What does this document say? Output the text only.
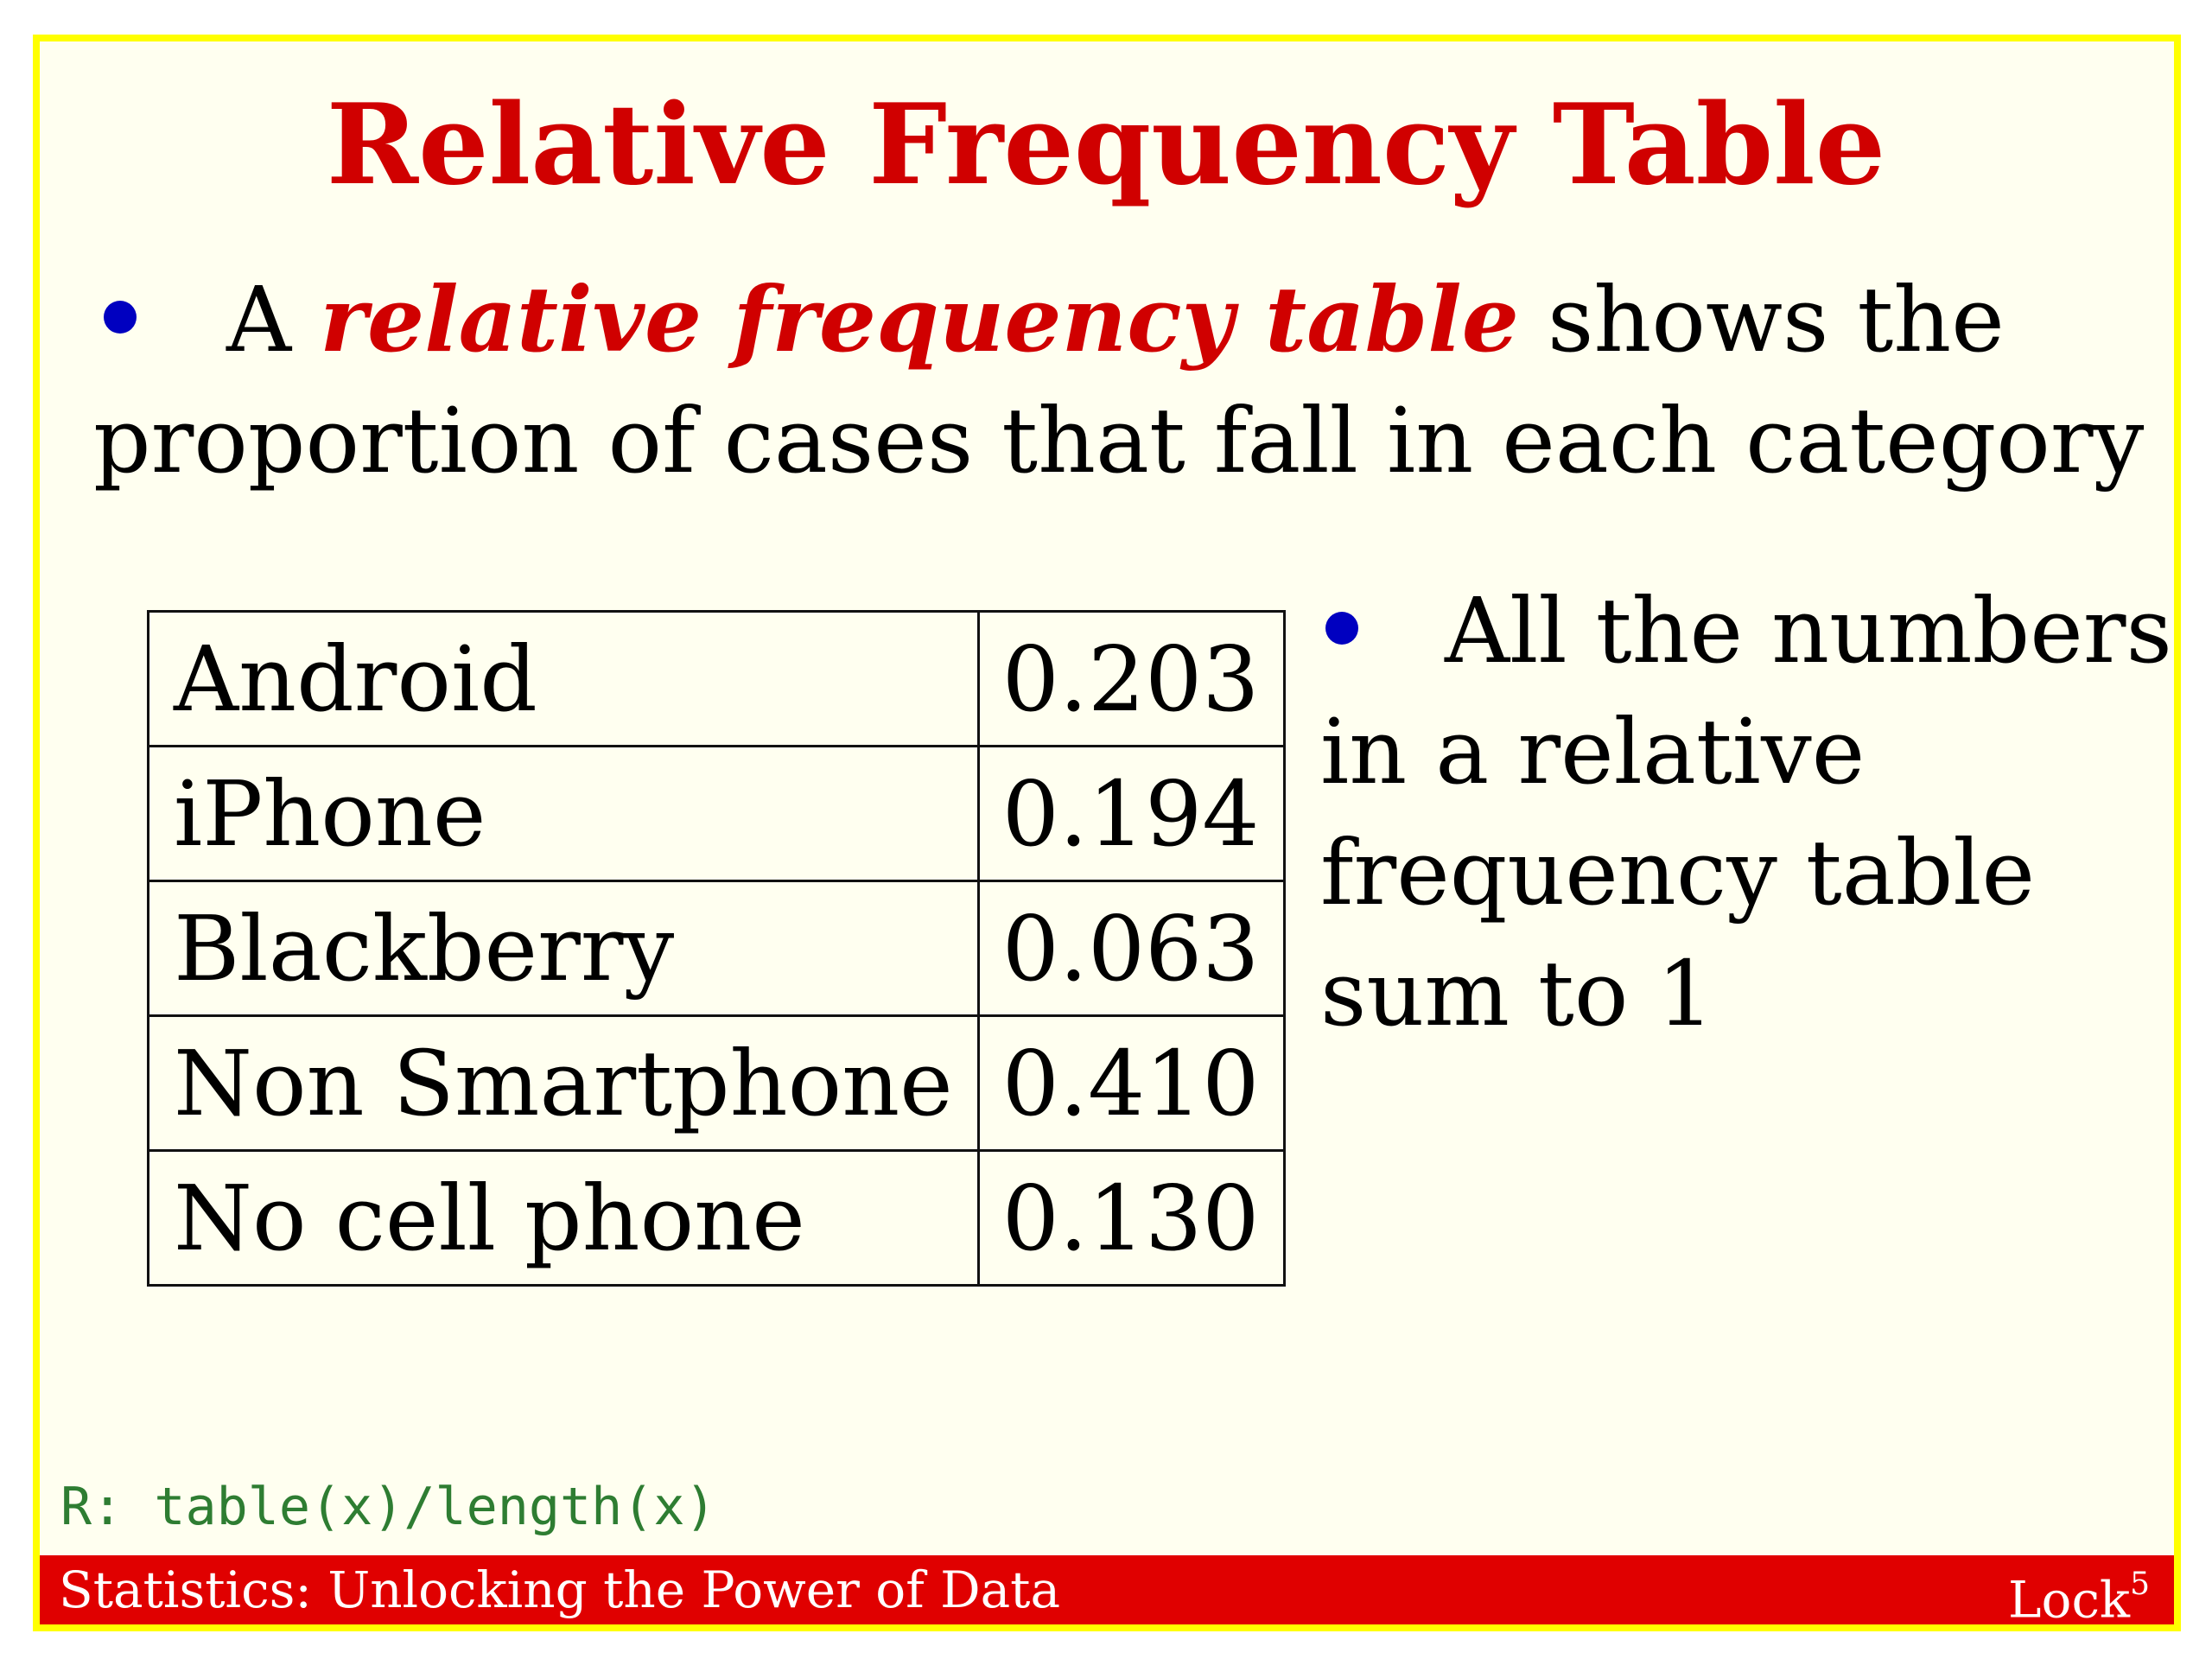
Relative Frequency Table
A relative frequency table shows the
proportion of cases that fall in each category
Android	0.203
iPhone	0.194
Blackberry	0.063
Non Smartphone	0.410
No cell phone	0.130
All the numbers
in a relative
frequency table
sum to 1
R: table(x)/length(x)
Statistics: Unlocking the Power of Data	Lock$^5$
